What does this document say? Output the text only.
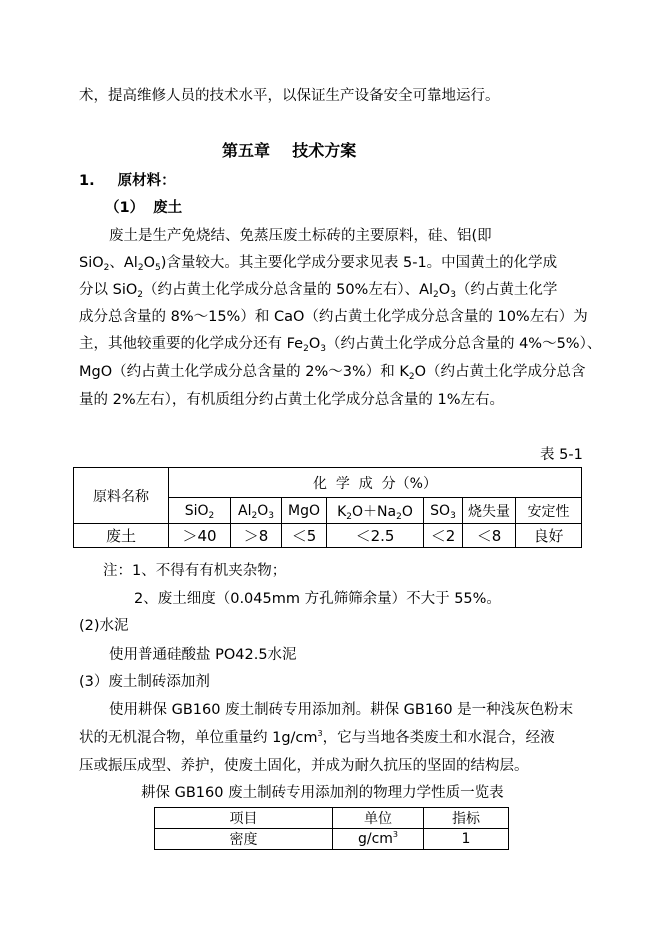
术，提高维修人员的技术水平，以保证生产设备安全可靠地运行。
第五章    技术方案
1. 原材料：
（1） 废土
废土是生产免烧结、免蒸压废土标砖的主要原料，硅、铝(即
SiO$_2$、$Al_2O_5$)含量较大。其主要化学成分要求见表 5-1。中国黄土的化学成
分以 SiO$_2$（约占黄土化学成分总含量的 50%左右）、$Al_2O_3$（约占黄土化学
成分总含量的 8%～15%）和 CaO（约占黄土化学成分总含量的 10%左右）为
主，其他较重要的化学成分还有 $Fe_2O_3$（约占黄土化学成分总含量的 4%～5%）、
MgO（约占黄土化学成分总含量的 2%～3%）和 $K_2O$（约占黄土化学成分总含
量的 2%左右），有机质组分约占黄土化学成分总含量的 1%左右。
表 5-1
原料名称	化  学  成  分（%）						
	SiO$_2$	$Al_2O_3$	MgO	$K_2O+Na_2O$	$SO_3$	烧失量	安定性
废土	＞40	＞8	＜5	＜2.5	＜2	＜8	良好
注：1、不得有有机夹杂物；
2、废土细度（0.045mm 方孔筛筛余量）不大于 55%。
(2)水泥
使用普通硅酸盐 PO42.5水泥
(3）废土制砖添加剂
使用耕保 GB160 废土制砖专用添加剂。耕保 GB160 是一种浅灰色粉末
状的无机混合物，单位重量约 $1g/cm^3$，它与当地各类废土和水混合，经液
压或振压成型、养护，使废土固化，并成为耐久抗压的坚固的结构层。
耕保 GB160 废土制砖专用添加剂的物理力学性质一览表
项目	单位	指标
密度	$g/cm^3$	1
